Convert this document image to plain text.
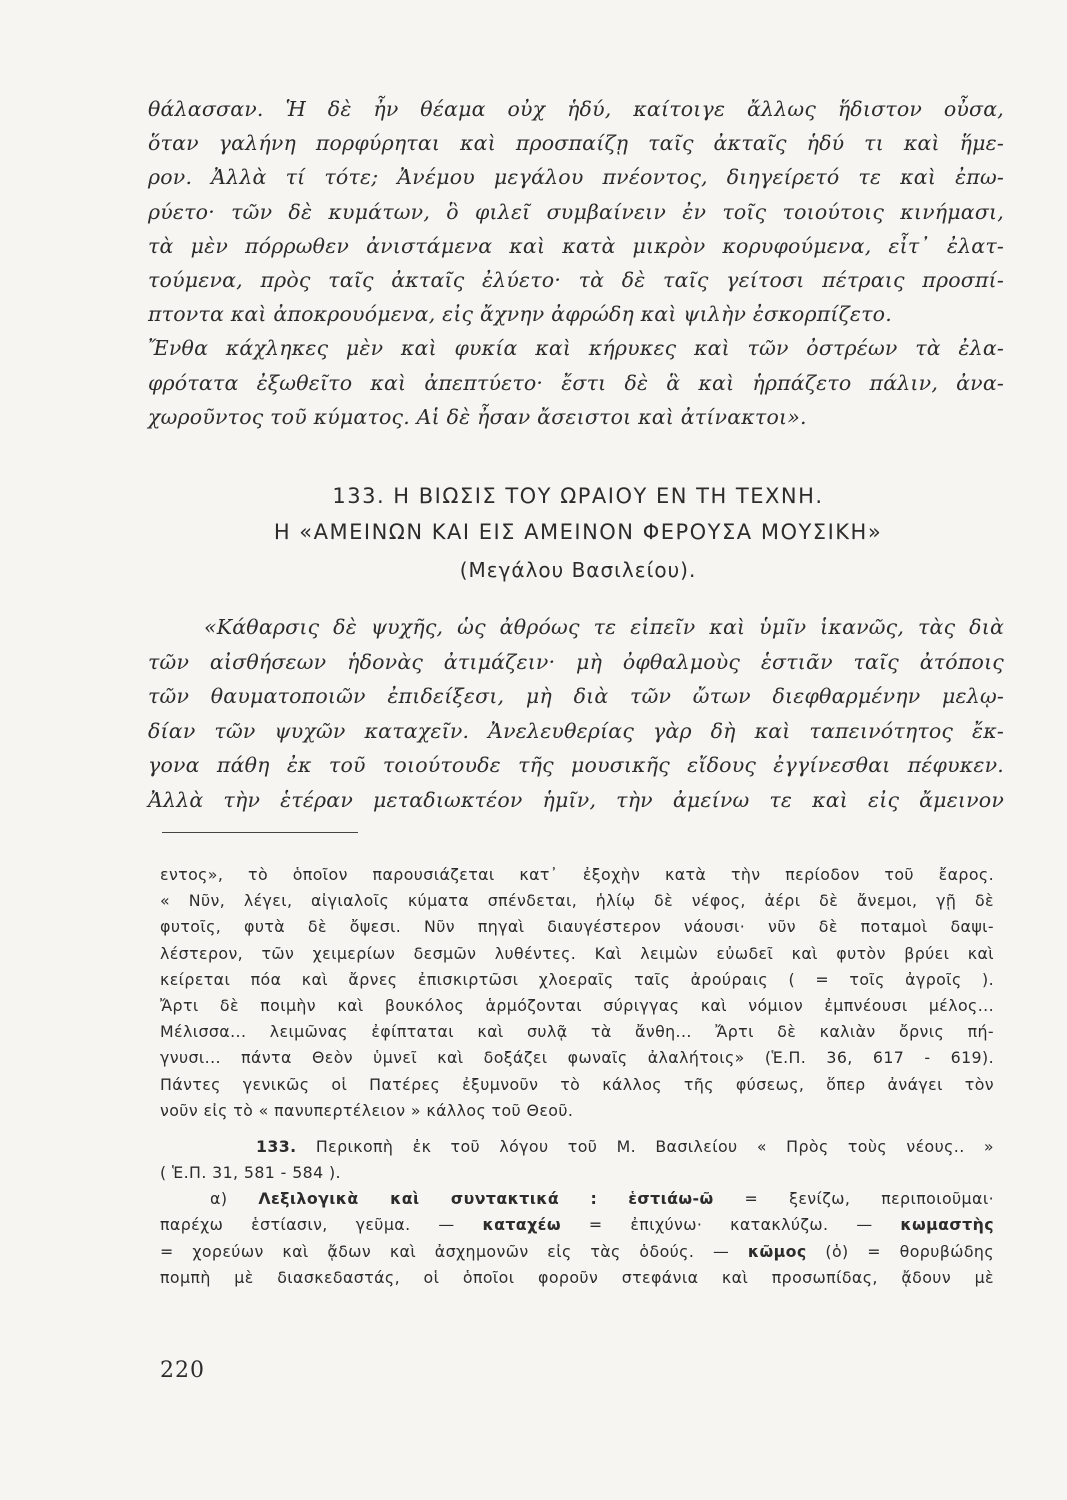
θάλασσαν. Ἡ δὲ ἦν θέαμα οὐχ ἡδύ, καίτοιγε ἄλλως ἥδιστον οὖσα,
ὅταν γαλήνη πορφύρηται καὶ προσπαίζῃ ταῖς ἀκταῖς ἡδύ τι καὶ ἥμε-
ρον. Ἀλλὰ τί τότε; Ἀνέμου μεγάλου πνέοντος, διηγείρετό τε καὶ ἐπω-
ρύετο· τῶν δὲ κυμάτων, ὃ φιλεῖ συμβαίνειν ἐν τοῖς τοιούτοις κινήμασι,
τὰ μὲν πόρρωθεν ἀνιστάμενα καὶ κατὰ μικρὸν κορυφούμενα, εἶτ᾿ ἐλατ-
τούμενα, πρὸς ταῖς ἀκταῖς ἐλύετο· τὰ δὲ ταῖς γείτοσι πέτραις προσπί-
πτοντα καὶ ἀποκρουόμενα, εἰς ἄχνην ἀφρώδη καὶ ψιλὴν ἐσκορπίζετο.
Ἔνθα κάχληκες μὲν καὶ φυκία καὶ κήρυκες καὶ τῶν ὀστρέων τὰ ἐλα-
φρότατα ἐξωθεῖτο καὶ ἀπεπτύετο· ἔστι δὲ ἃ καὶ ἡρπάζετο πάλιν, ἀνα-
χωροῦντος τοῦ κύματος. Αἱ δὲ ἦσαν ἄσειστοι καὶ ἀτίνακτοι».
133. Η ΒΙΩΣΙΣ ΤΟΥ ΩΡΑΙΟΥ ΕΝ ΤΗ ΤΕΧΝΗ.
Η «ΑΜΕΙΝΩΝ ΚΑΙ ΕΙΣ ΑΜΕΙΝΟΝ ΦΕΡΟΥΣΑ ΜΟΥΣΙΚΗ»
(Μεγάλου Βασιλείου).
«Κάθαρσις δὲ ψυχῆς, ὡς ἀθρόως τε εἰπεῖν καὶ ὑμῖν ἱκανῶς, τὰς διὰ
τῶν αἰσθήσεων ἡδονὰς ἀτιμάζειν· μὴ ὀφθαλμοὺς ἑστιᾶν ταῖς ἀτόποις
τῶν θαυματοποιῶν ἐπιδείξεσι, μὴ διὰ τῶν ὤτων διεφθαρμένην μελῳ-
δίαν τῶν ψυχῶν καταχεῖν. Ἀνελευθερίας γὰρ δὴ καὶ ταπεινότητος ἔκ-
γονα πάθη ἐκ τοῦ τοιούτουδε τῆς μουσικῆς εἴδους ἐγγίνεσθαι πέφυκεν.
Ἀλλὰ τὴν ἑτέραν μεταδιωκτέον ἡμῖν, τὴν ἀμείνω τε καὶ εἰς ἄμεινον
εντος», τὸ ὁποῖον παρουσιάζεται κατ᾿ ἐξοχὴν κατὰ τὴν περίοδον τοῦ ἔαρος.
« Νῦν, λέγει, αἰγιαλοῖς κύματα σπένδεται, ἡλίῳ δὲ νέφος, ἀέρι δὲ ἄνεμοι, γῇ δὲ
φυτοῖς, φυτὰ δὲ ὄψεσι. Νῦν πηγαὶ διαυγέστερον νάουσι· νῦν δὲ ποταμοὶ δαψι-
λέστερον, τῶν χειμερίων δεσμῶν λυθέντες. Καὶ λειμὼν εὐωδεῖ καὶ φυτὸν βρύει καὶ
κείρεται πόα καὶ ἄρνες ἐπισκιρτῶσι χλοεραῖς ταῖς ἀρούραις ( = τοῖς ἀγροῖς ).
Ἄρτι δὲ ποιμὴν καὶ βουκόλος ἁρμόζονται σύριγγας καὶ νόμιον ἐμπνέουσι μέλος...
Μέλισσα... λειμῶνας ἐφίπταται καὶ συλᾷ τὰ ἄνθη... Ἄρτι δὲ καλιὰν ὄρνις πή-
γνυσι... πάντα Θεὸν ὑμνεῖ καὶ δοξάζει φωναῖς ἀλαλήτοις» (Ἑ.Π. 36, 617 - 619).
Πάντες γενικῶς οἱ Πατέρες ἐξυμνοῦν τὸ κάλλος τῆς φύσεως, ὅπερ ἀνάγει τὸν
νοῦν εἰς τὸ « πανυπερτέλειον » κάλλος τοῦ Θεοῦ.
133. Περικοπὴ ἐκ τοῦ λόγου τοῦ Μ. Βασιλείου « Πρὸς τοὺς νέους.. »
( Ἑ.Π. 31, 581 - 584 ).
α) Λεξιλογικὰ καὶ συντακτικά : ἑστιάω-ῶ = ξενίζω, περιποιοῦμαι·
παρέχω ἑστίασιν, γεῦμα. — καταχέω = ἐπιχύνω· κατακλύζω. — κωμαστὴς
= χορεύων καὶ ᾄδων καὶ ἀσχημονῶν εἰς τὰς ὁδούς. — κῶμος (ὁ) = θορυβώδης
πομπὴ μὲ διασκεδαστάς, οἱ ὁποῖοι φοροῦν στεφάνια καὶ προσωπίδας, ᾄδουν μὲ
220
